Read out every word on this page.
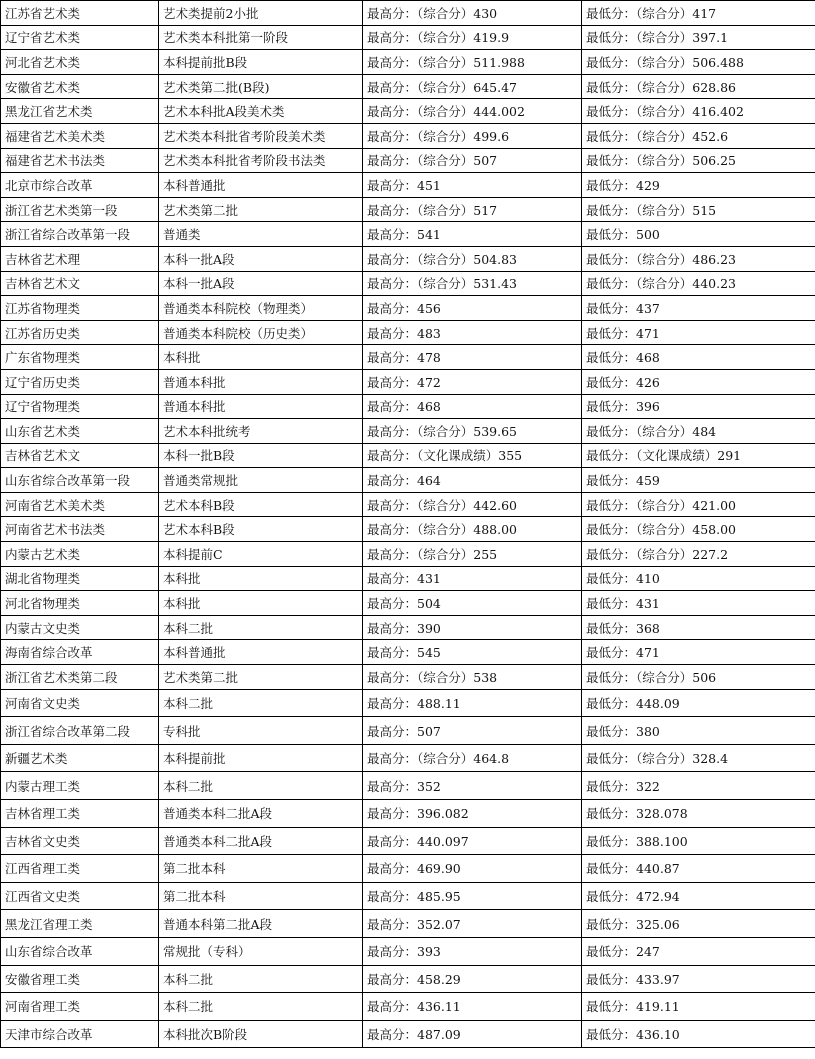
江苏省艺术类	艺术类提前2小批	最高分：（综合分）430	最低分：（综合分）417
辽宁省艺术类	艺术类本科批第一阶段	最高分：（综合分）419.9	最低分：（综合分）397.1
河北省艺术类	本科提前批B段	最高分：（综合分）511.988	最低分：（综合分）506.488
安徽省艺术类	艺术类第二批(B段)	最高分：（综合分）645.47	最低分：（综合分）628.86
黑龙江省艺术类	艺术本科批A段美术类	最高分：（综合分）444.002	最低分：（综合分）416.402
福建省艺术美术类	艺术类本科批省考阶段美术类	最高分：（综合分）499.6	最低分：（综合分）452.6
福建省艺术书法类	艺术类本科批省考阶段书法类	最高分：（综合分）507	最低分：（综合分）506.25
北京市综合改革	本科普通批	最高分：451	最低分：429
浙江省艺术类第一段	艺术类第二批	最高分：（综合分）517	最低分：（综合分）515
浙江省综合改革第一段	普通类	最高分：541	最低分：500
吉林省艺术理	本科一批A段	最高分：（综合分）504.83	最低分：（综合分）486.23
吉林省艺术文	本科一批A段	最高分：（综合分）531.43	最低分：（综合分）440.23
江苏省物理类	普通类本科院校（物理类）	最高分：456	最低分：437
江苏省历史类	普通类本科院校（历史类）	最高分：483	最低分：471
广东省物理类	本科批	最高分：478	最低分：468
辽宁省历史类	普通本科批	最高分：472	最低分：426
辽宁省物理类	普通本科批	最高分：468	最低分：396
山东省艺术类	艺术本科批统考	最高分：（综合分）539.65	最低分：（综合分）484
吉林省艺术文	本科一批B段	最高分：（文化课成绩）355	最低分：（文化课成绩）291
山东省综合改革第一段	普通类常规批	最高分：464	最低分：459
河南省艺术美术类	艺术本科B段	最高分：（综合分）442.60	最低分：（综合分）421.00
河南省艺术书法类	艺术本科B段	最高分：（综合分）488.00	最低分：（综合分）458.00
内蒙古艺术类	本科提前C	最高分：（综合分）255	最低分：（综合分）227.2
湖北省物理类	本科批	最高分：431	最低分：410
河北省物理类	本科批	最高分：504	最低分：431
内蒙古文史类	本科二批	最高分：390	最低分：368
海南省综合改革	本科普通批	最高分：545	最低分：471
浙江省艺术类第二段	艺术类第二批	最高分：（综合分）538	最低分：（综合分）506
河南省文史类	本科二批	最高分：488.11	最低分：448.09
浙江省综合改革第二段	专科批	最高分：507	最低分：380
新疆艺术类	本科提前批	最高分：（综合分）464.8	最低分：（综合分）328.4
内蒙古理工类	本科二批	最高分：352	最低分：322
吉林省理工类	普通类本科二批A段	最高分：396.082	最低分：328.078
吉林省文史类	普通类本科二批A段	最高分：440.097	最低分：388.100
江西省理工类	第二批本科	最高分：469.90	最低分：440.87
江西省文史类	第二批本科	最高分：485.95	最低分：472.94
黑龙江省理工类	普通本科第二批A段	最高分：352.07	最低分：325.06
山东省综合改革	常规批（专科）	最高分：393	最低分：247
安徽省理工类	本科二批	最高分：458.29	最低分：433.97
河南省理工类	本科二批	最高分：436.11	最低分：419.11
天津市综合改革	本科批次B阶段	最高分：487.09	最低分：436.10
